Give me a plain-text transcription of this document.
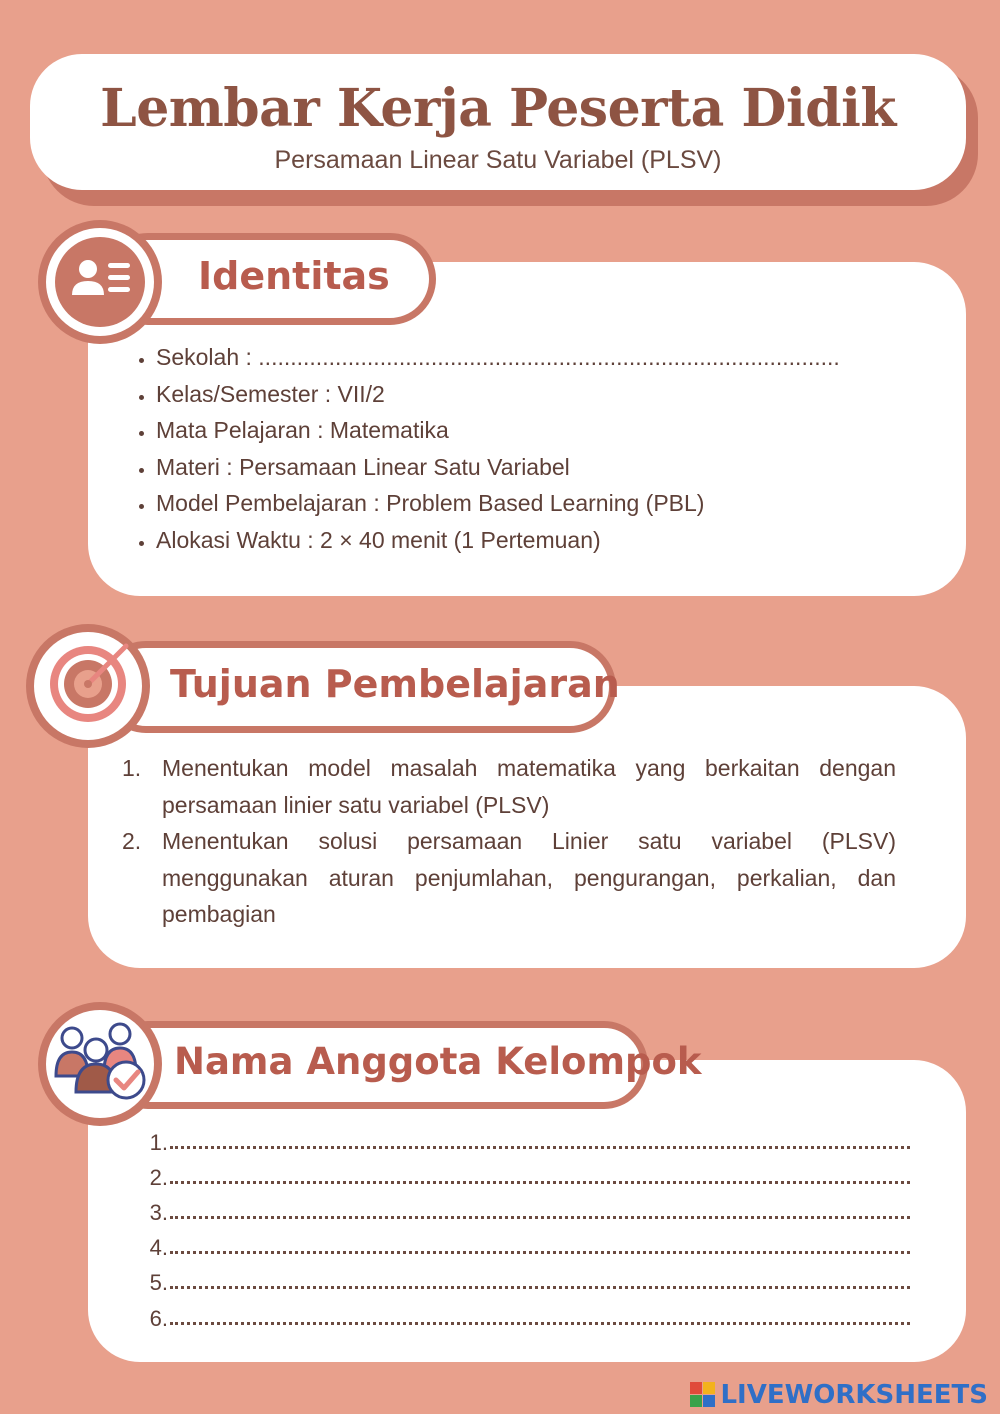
Lembar Kerja Peserta Didik
Persamaan Linear Satu Variabel (PLSV)
Identitas
• Sekolah : ...........................................................................................
• Kelas/Semester : VII/2
• Mata Pelajaran : Matematika
• Materi : Persamaan Linear Satu Variabel
• Model Pembelajaran : Problem Based Learning (PBL)
• Alokasi Waktu : 2 × 40 menit (1 Pertemuan)
Tujuan Pembelajaran
1. Menentukan model masalah matematika yang berkaitan dengan persamaan linier satu variabel (PLSV)
2. Menentukan solusi persamaan Linier satu variabel (PLSV) menggunakan aturan penjumlahan, pengurangan, perkalian, dan pembagian
Nama Anggota Kelompok
1.
2.
3.
4.
5.
6.
LIVEWORKSHEETS
